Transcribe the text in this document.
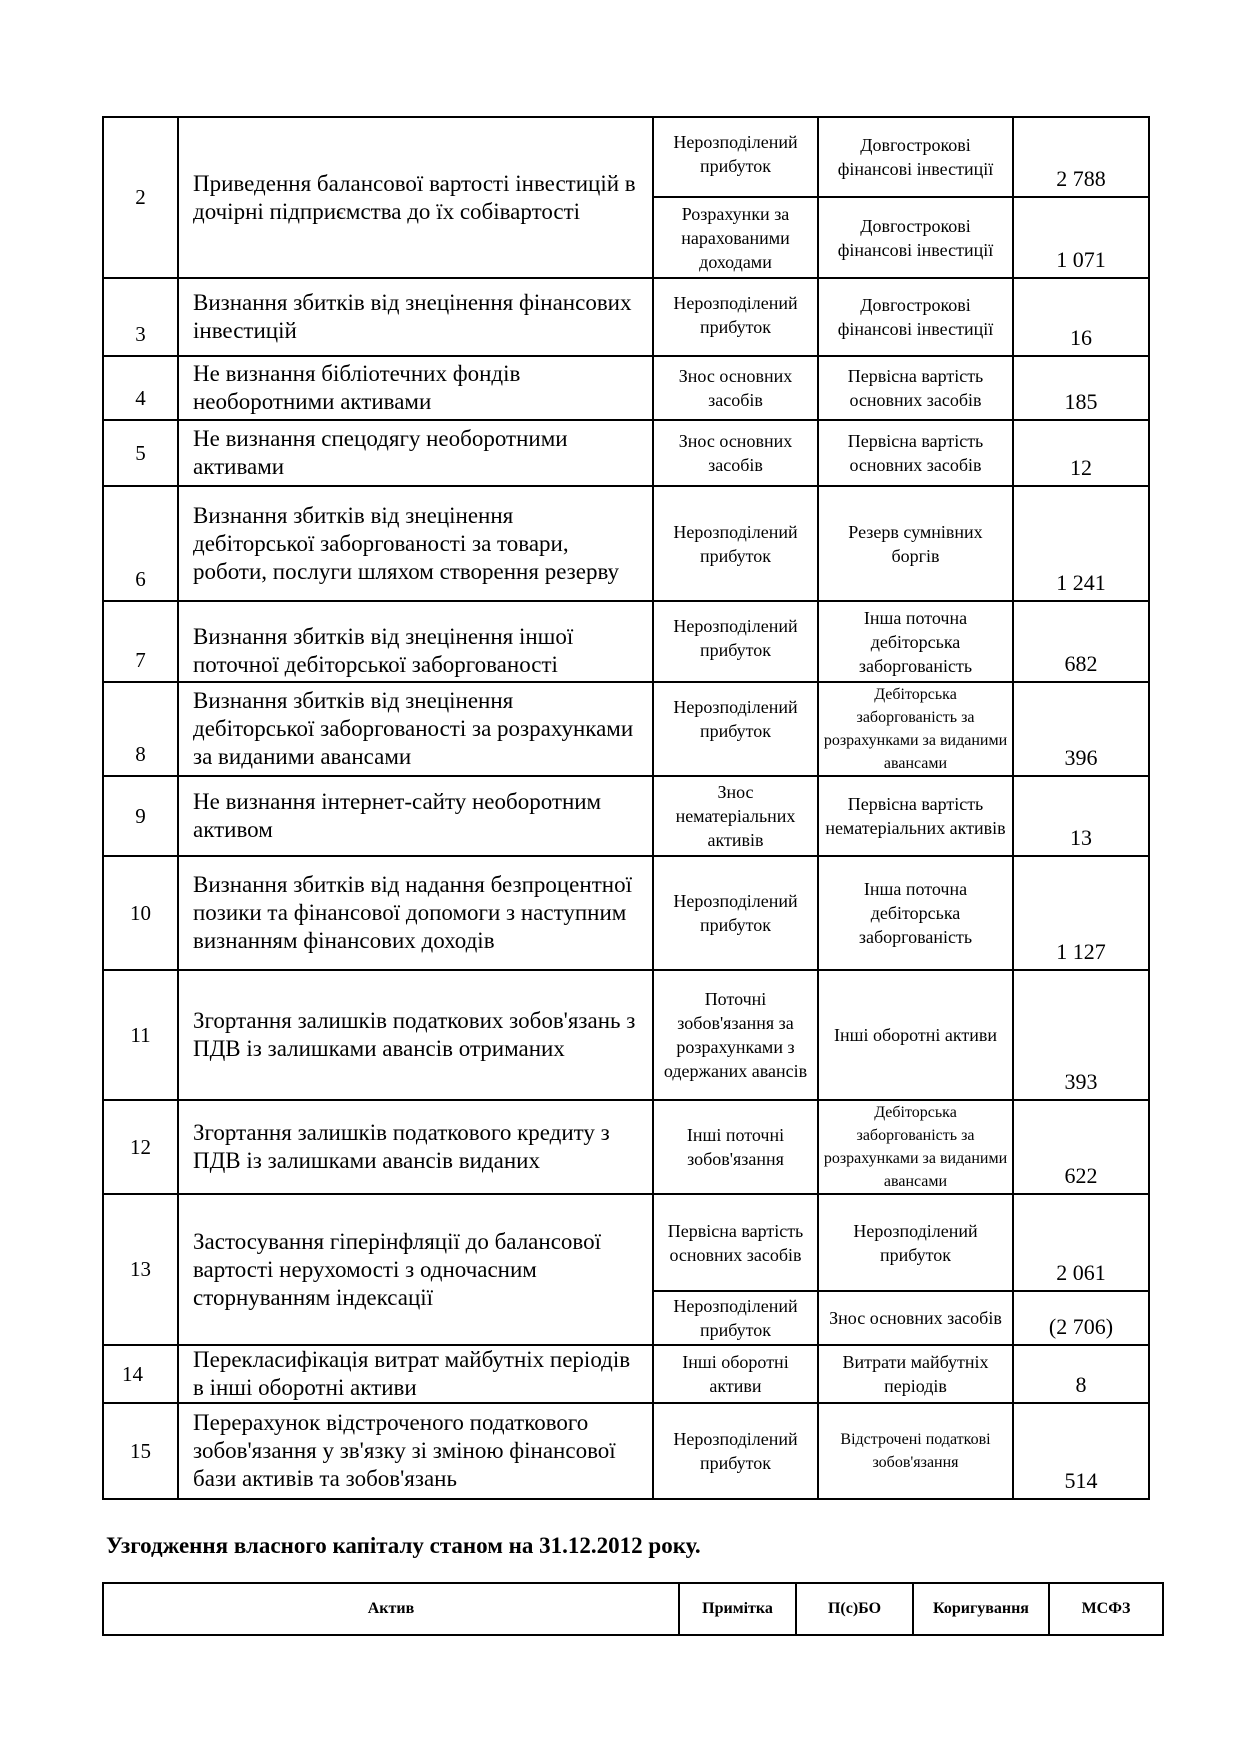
2	Приведення балансової вартості інвестицій в дочірні підприємства до їх собівартості	Нерозподілений прибуток	Довгострокові фінансові інвестиції	2 788
		Розрахунки за нарахованими доходами	Довгострокові фінансові інвестиції	1 071
3	Визнання збитків від знецінення фінансових інвестицій	Нерозподілений прибуток	Довгострокові фінансові інвестиції	16
4	Не визнання бібліотечних фондів необоротними активами	Знос основних засобів	Первісна вартість основних засобів	185
5	Не визнання спецодягу необоротними активами	Знос основних засобів	Первісна вартість основних засобів	12
6	Визнання збитків від знецінення дебіторської заборгованості за товари, роботи, послуги шляхом створення резерву	Нерозподілений прибуток	Резерв сумнівних боргів	1 241
7	Визнання збитків від знецінення іншої поточної дебіторської заборгованості	Нерозподілений прибуток	Інша поточна дебіторська заборгованість	682
8	Визнання збитків від знецінення дебіторської заборгованості за розрахунками за виданими авансами	Нерозподілений прибуток	Дебіторська заборгованість за розрахунками за виданими авансами	396
9	Не визнання інтернет-сайту необоротним активом	Знос нематеріальних активів	Первісна вартість нематеріальних активів	13
10	Визнання збитків від надання безпроцентної позики та фінансової допомоги з наступним визнанням фінансових доходів	Нерозподілений прибуток	Інша поточна дебіторська заборгованість	1 127
11	Згортання залишків податкових зобов'язань з ПДВ із залишками авансів отриманих	Поточні зобов'язання за розрахунками з одержаних авансів	Інші оборотні активи	393
12	Згортання залишків податкового кредиту з ПДВ із залишками авансів виданих	Інші поточні зобов'язання	Дебіторська заборгованість за розрахунками за виданими авансами	622
13	Застосування гіперінфляції до балансової вартості нерухомості з одночасним сторнуванням індексації	Первісна вартість основних засобів	Нерозподілений прибуток	2 061
		Нерозподілений прибуток	Знос основних засобів	(2 706)
14	Перекласифікація витрат майбутніх періодів в інші оборотні активи	Інші оборотні активи	Витрати майбутніх періодів	8
15	Перерахунок відстроченого податкового зобов'язання у зв'язку зі зміною фінансової бази активів та зобов'язань	Нерозподілений прибуток	Відстрочені податкові зобов'язання	514
Узгодження власного капіталу станом на 31.12.2012 року.
Актив	Примітка	П(с)БО	Коригування	МСФЗ
